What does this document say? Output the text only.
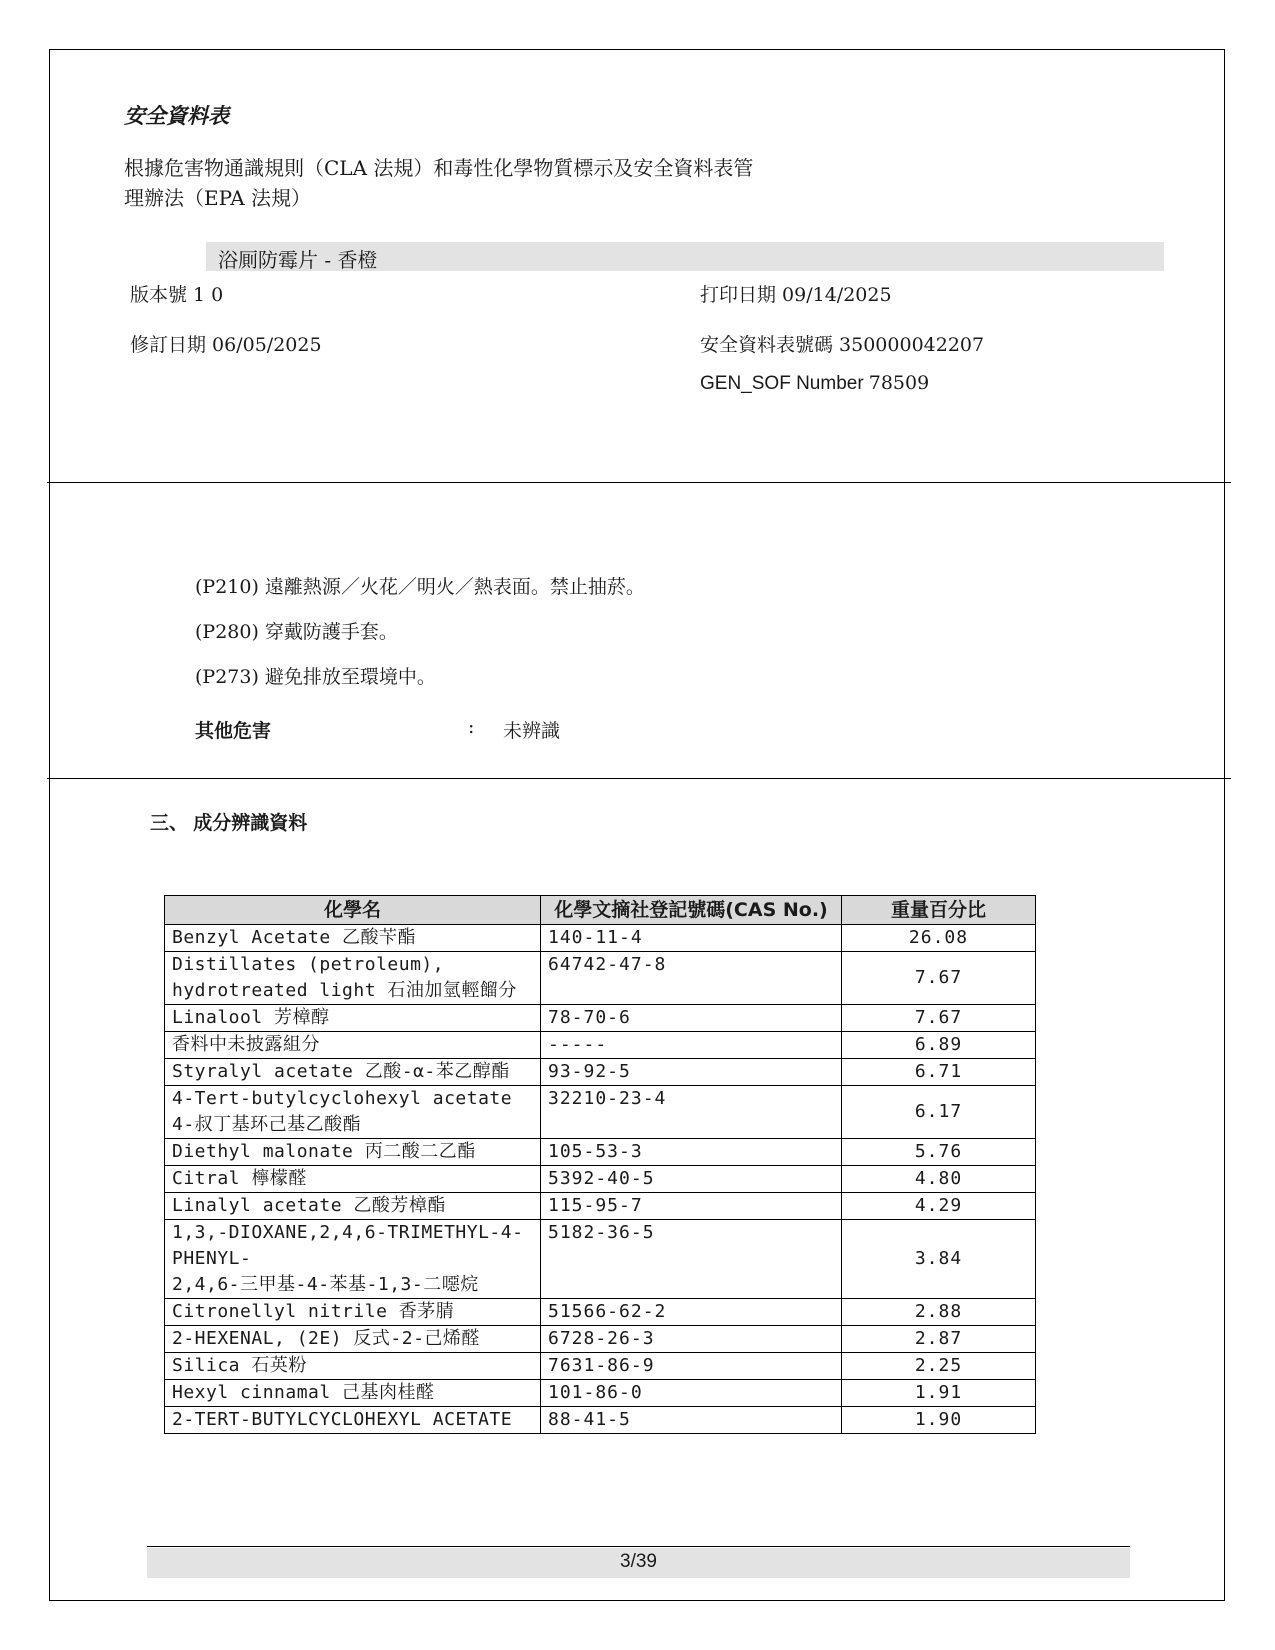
安全資料表
根據危害物通識規則（CLA 法規）和毒性化學物質標示及安全資料表管
理辦法（EPA 法規）
浴厠防霉片 - 香橙
版本號 1 0	打印日期 09/14/2025
修訂日期 06/05/2025	安全資料表號碼 350000042207
GEN_SOF Number 78509
(P210) 遠離熱源／火花／明火／熱表面。禁止抽菸。
(P280) 穿戴防護手套。
(P273) 避免排放至環境中。
其他危害	: 未辨識
三、 成分辨識資料
化學名	化學文摘社登記號碼(CAS No.)	重量百分比
Benzyl Acetate 乙酸苄酯	140-11-4	26.08
Distillates (petroleum),
hydrotreated light 石油加氫輕餾分	64742-47-8	7.67
Linalool 芳樟醇	78-70-6	7.67
香料中未披露組分	-----	6.89
Styralyl acetate 乙酸-α-苯乙醇酯	93-92-5	6.71
4-Tert-butylcyclohexyl acetate
4-叔丁基环己基乙酸酯	32210-23-4	6.17
Diethyl malonate 丙二酸二乙酯	105-53-3	5.76
Citral 檸檬醛	5392-40-5	4.80
Linalyl acetate 乙酸芳樟酯	115-95-7	4.29
1,3,-DIOXANE,2,4,6-TRIMETHYL-4-
PHENYL-
2,4,6-三甲基-4-苯基-1,3-二噁烷	5182-36-5	3.84
Citronellyl nitrile 香茅腈	51566-62-2	2.88
2-HEXENAL, (2E) 反式-2-己烯醛	6728-26-3	2.87
Silica 石英粉	7631-86-9	2.25
Hexyl cinnamal 己基肉桂醛	101-86-0	1.91
2-TERT-BUTYLCYCLOHEXYL ACETATE	88-41-5	1.90
3/39
